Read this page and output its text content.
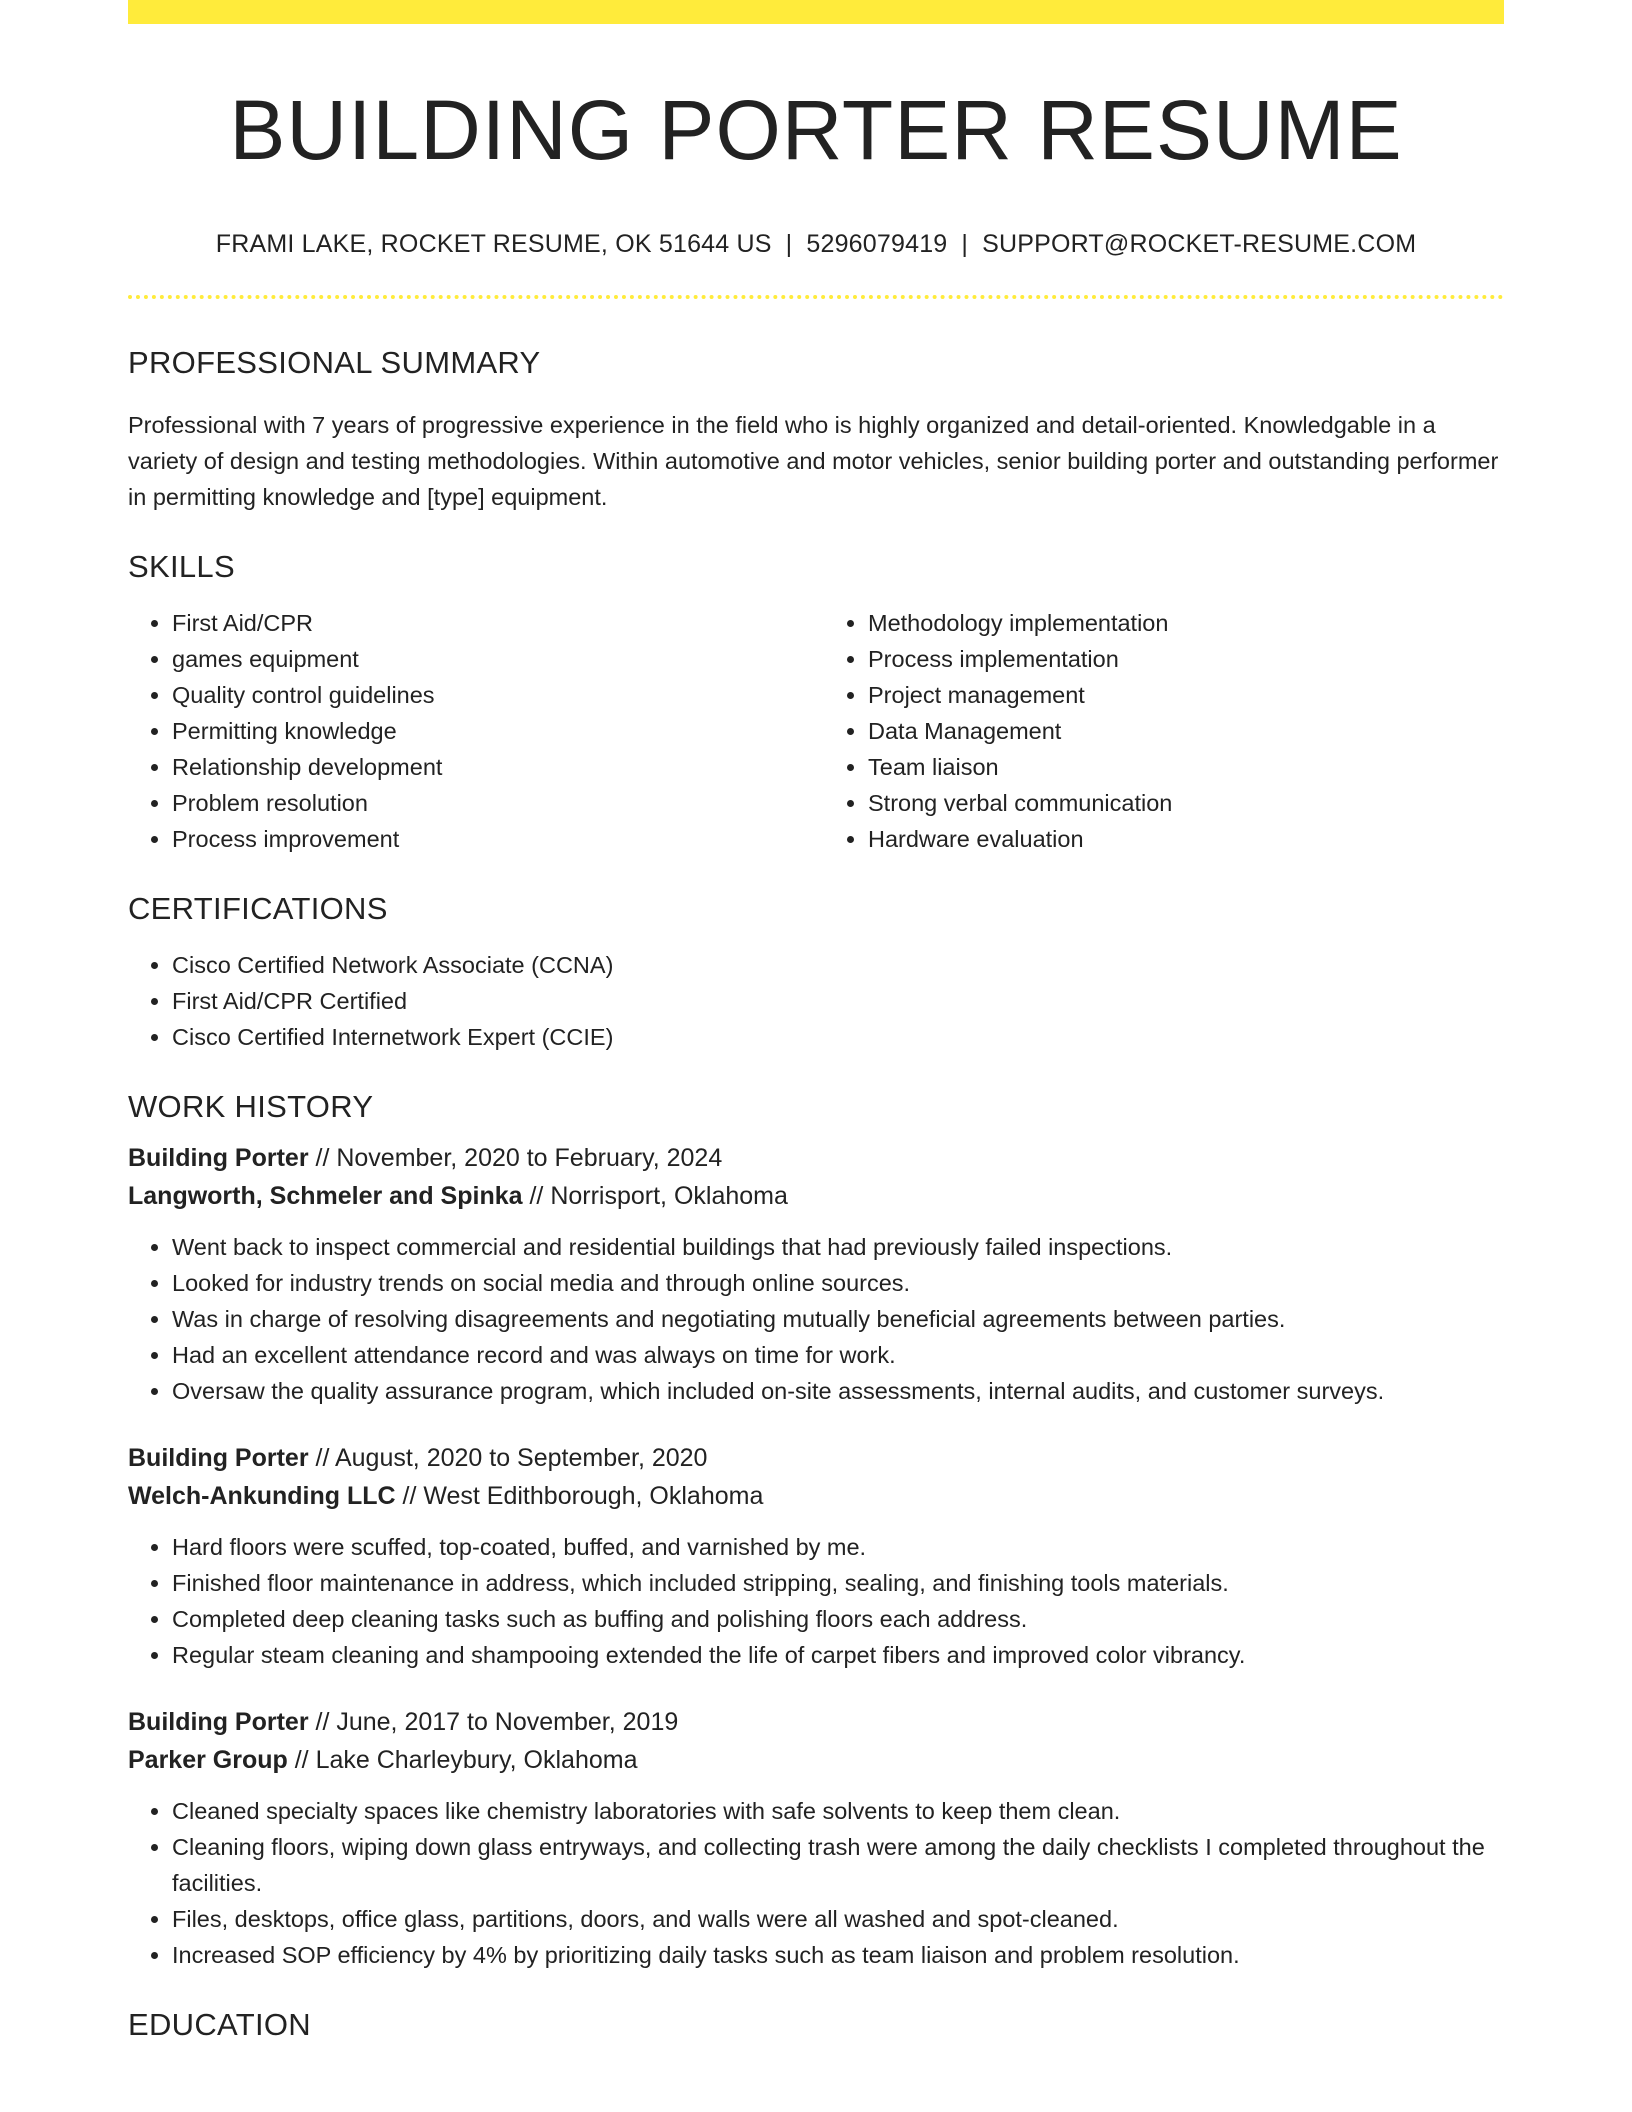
BUILDING PORTER RESUME
FRAMI LAKE, ROCKET RESUME, OK 51644 US | 5296079419 | SUPPORT@ROCKET-RESUME.COM
PROFESSIONAL SUMMARY
Professional with 7 years of progressive experience in the field who is highly organized and detail-oriented. Knowledgable in a variety of design and testing methodologies. Within automotive and motor vehicles, senior building porter and outstanding performer in permitting knowledge and [type] equipment.
SKILLS
• First Aid/CPR
• games equipment
• Quality control guidelines
• Permitting knowledge
• Relationship development
• Problem resolution
• Process improvement
• Methodology implementation
• Process implementation
• Project management
• Data Management
• Team liaison
• Strong verbal communication
• Hardware evaluation
CERTIFICATIONS
• Cisco Certified Network Associate (CCNA)
• First Aid/CPR Certified
• Cisco Certified Internetwork Expert (CCIE)
WORK HISTORY
Building Porter // November, 2020 to February, 2024
Langworth, Schmeler and Spinka // Norrisport, Oklahoma
• Went back to inspect commercial and residential buildings that had previously failed inspections.
• Looked for industry trends on social media and through online sources.
• Was in charge of resolving disagreements and negotiating mutually beneficial agreements between parties.
• Had an excellent attendance record and was always on time for work.
• Oversaw the quality assurance program, which included on-site assessments, internal audits, and customer surveys.
Building Porter // August, 2020 to September, 2020
Welch-Ankunding LLC // West Edithborough, Oklahoma
• Hard floors were scuffed, top-coated, buffed, and varnished by me.
• Finished floor maintenance in address, which included stripping, sealing, and finishing tools materials.
• Completed deep cleaning tasks such as buffing and polishing floors each address.
• Regular steam cleaning and shampooing extended the life of carpet fibers and improved color vibrancy.
Building Porter // June, 2017 to November, 2019
Parker Group // Lake Charleybury, Oklahoma
• Cleaned specialty spaces like chemistry laboratories with safe solvents to keep them clean.
• Cleaning floors, wiping down glass entryways, and collecting trash were among the daily checklists I completed throughout the facilities.
• Files, desktops, office glass, partitions, doors, and walls were all washed and spot-cleaned.
• Increased SOP efficiency by 4% by prioritizing daily tasks such as team liaison and problem resolution.
EDUCATION
